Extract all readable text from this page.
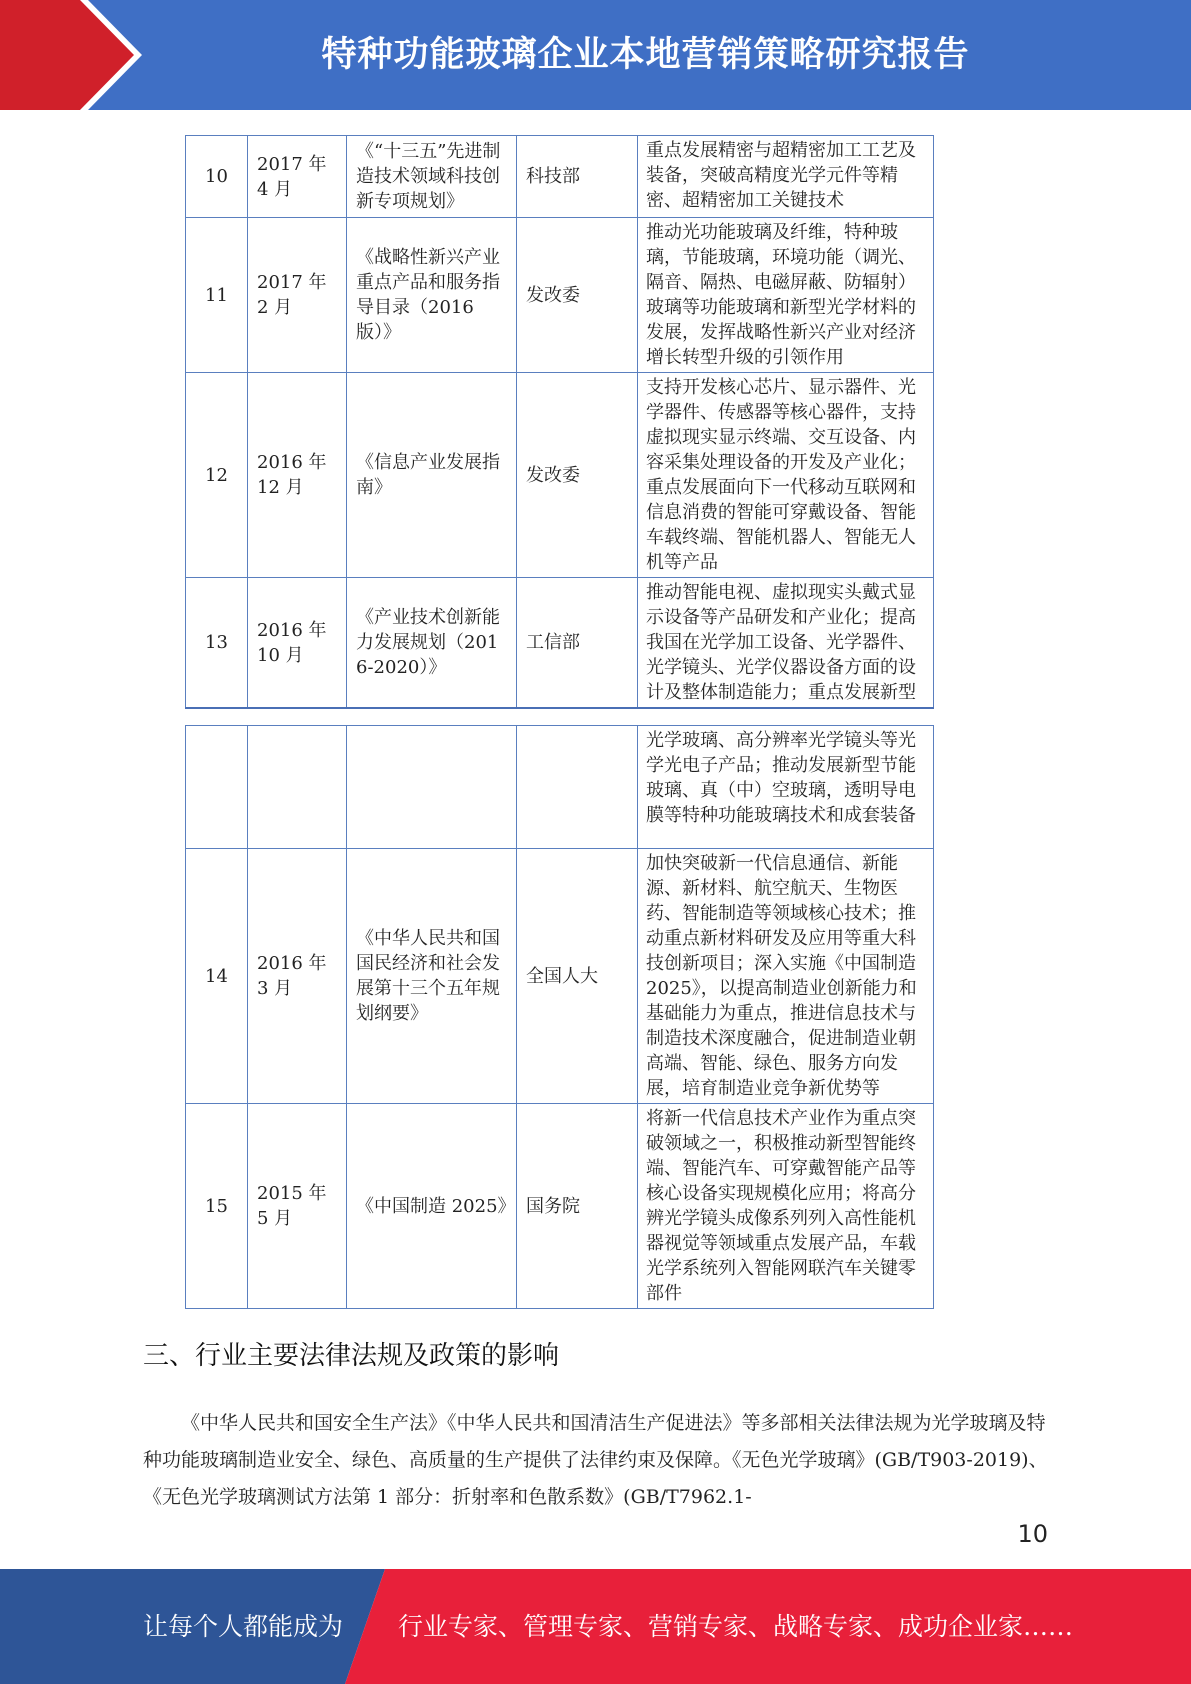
特种功能玻璃企业本地营销策略研究报告
10	2017 年 4 月	《“十三五”先进制造技术领域科技创新专项规划》	科技部	重点发展精密与超精密加工工艺及装备，突破高精度光学元件等精密、超精密加工关键技术
11	2017 年 2 月	《战略性新兴产业重点产品和服务指导目录（2016 版）》	发改委	推动光功能玻璃及纤维，特种玻璃，节能玻璃，环境功能（调光、隔音、隔热、电磁屏蔽、防辐射）玻璃等功能玻璃和新型光学材料的发展，发挥战略性新兴产业对经济增长转型升级的引领作用
12	2016 年 12 月	《信息产业发展指南》	发改委	支持开发核心芯片、显示器件、光学器件、传感器等核心器件，支持虚拟现实显示终端、交互设备、内容采集处理设备的开发及产业化；重点发展面向下一代移动互联网和信息消费的智能可穿戴设备、智能车载终端、智能机器人、智能无人机等产品
13	2016 年 10 月	《产业技术创新能力发展规划（2016-2020）》	工信部	推动智能电视、虚拟现实头戴式显示设备等产品研发和产业化；提高我国在光学加工设备、光学器件、光学镜头、光学仪器设备方面的设计及整体制造能力；重点发展新型
				光学玻璃、高分辨率光学镜头等光学光电子产品；推动发展新型节能玻璃、真（中）空玻璃，透明导电膜等特种功能玻璃技术和成套装备
14	2016 年 3 月	《中华人民共和国国民经济和社会发展第十三个五年规划纲要》	全国人大	加快突破新一代信息通信、新能源、新材料、航空航天、生物医药、智能制造等领域核心技术；推动重点新材料研发及应用等重大科技创新项目；深入实施《中国制造 2025》，以提高制造业创新能力和基础能力为重点，推进信息技术与制造技术深度融合，促进制造业朝高端、智能、绿色、服务方向发展，培育制造业竞争新优势等
15	2015 年 5 月	《中国制造 2025》	国务院	将新一代信息技术产业作为重点突破领域之一，积极推动新型智能终端、智能汽车、可穿戴智能产品等核心设备实现规模化应用；将高分辨光学镜头成像系列列入高性能机器视觉等领域重点发展产品，车载光学系统列入智能网联汽车关键零部件
三、行业主要法律法规及政策的影响
《中华人民共和国安全生产法》《中华人民共和国清洁生产促进法》等多部相关法律法规为光学玻璃及特种功能玻璃制造业安全、绿色、高质量的生产提供了法律约束及保障。《无色光学玻璃》(GB/T903-2019)、《无色光学玻璃测试方法第 1 部分：折射率和色散系数》(GB/T7962.1-
10
让每个人都能成为 行业专家、管理专家、营销专家、战略专家、成功企业家……
